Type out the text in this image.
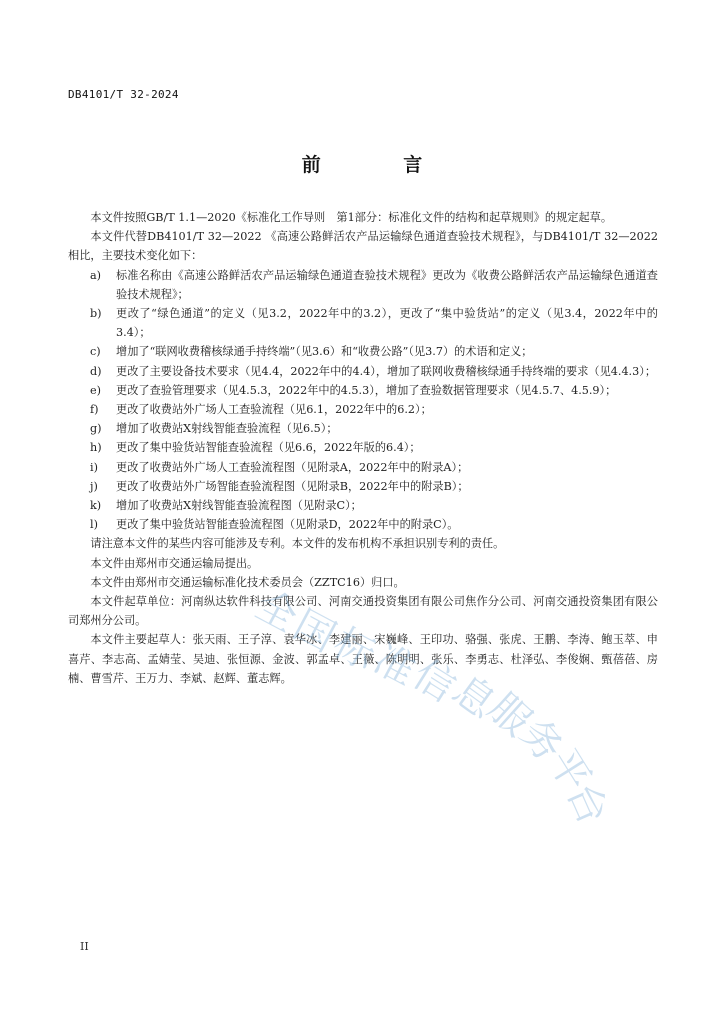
DB4101/T 32-2024
前 言

本文件按照GB/T 1.1—2020《标准化工作导则　第1部分：标准化文件的结构和起草规则》的规定起草。

本文件代替DB4101/T 32—2022 《高速公路鲜活农产品运输绿色通道查验技术规程》，与DB4101/T 32—2022相比，主要技术变化如下：

a) 标准名称由《高速公路鲜活农产品运输绿色通道查验技术规程》更改为《收费公路鲜活农产品运输绿色通道查验技术规程》；

b) 更改了“绿色通道”的定义（见3.2，2022年中的3.2），更改了“集中验货站”的定义（见3.4，2022年中的3.4）；

c) 增加了“联网收费稽核绿通手持终端”（见3.6）和“收费公路”（见3.7）的术语和定义；

d) 更改了主要设备技术要求（见4.4，2022年中的4.4），增加了联网收费稽核绿通手持终端的要求（见4.4.3）；

e) 更改了查验管理要求（见4.5.3，2022年中的4.5.3），增加了查验数据管理要求（见4.5.7、4.5.9）；

f) 更改了收费站外广场人工查验流程（见6.1，2022年中的6.2）；

g) 增加了收费站X射线智能查验流程（见6.5）；

h) 更改了集中验货站智能查验流程（见6.6，2022年版的6.4）；

i) 更改了收费站外广场人工查验流程图（见附录A，2022年中的附录A）；

j) 更改了收费站外广场智能查验流程图（见附录B，2022年中的附录B）；

k) 增加了收费站X射线智能查验流程图（见附录C）；

l) 更改了集中验货站智能查验流程图（见附录D，2022年中的附录C）。

请注意本文件的某些内容可能涉及专利。本文件的发布机构不承担识别专利的责任。

本文件由郑州市交通运输局提出。

本文件由郑州市交通运输标准化技术委员会（ZZTC16）归口。

本文件起草单位：河南纵达软件科技有限公司、河南交通投资集团有限公司焦作分公司、河南交通投资集团有限公司郑州分公司。

本文件主要起草人：张天雨、王子淳、袁华冰、李建丽、宋巍峰、王印功、骆强、张虎、王鹏、李涛、鲍玉萃、申喜芹、李志高、孟婧莹、吴迪、张恒源、金波、郭孟卓、王薇、陈明明、张乐、李勇志、杜泽弘、李俊娴、甄蓓蓓、房楠、曹雪芹、王万力、李斌、赵辉、董志辉。

全
国
标
准
信
息
服
务
平
台
II
